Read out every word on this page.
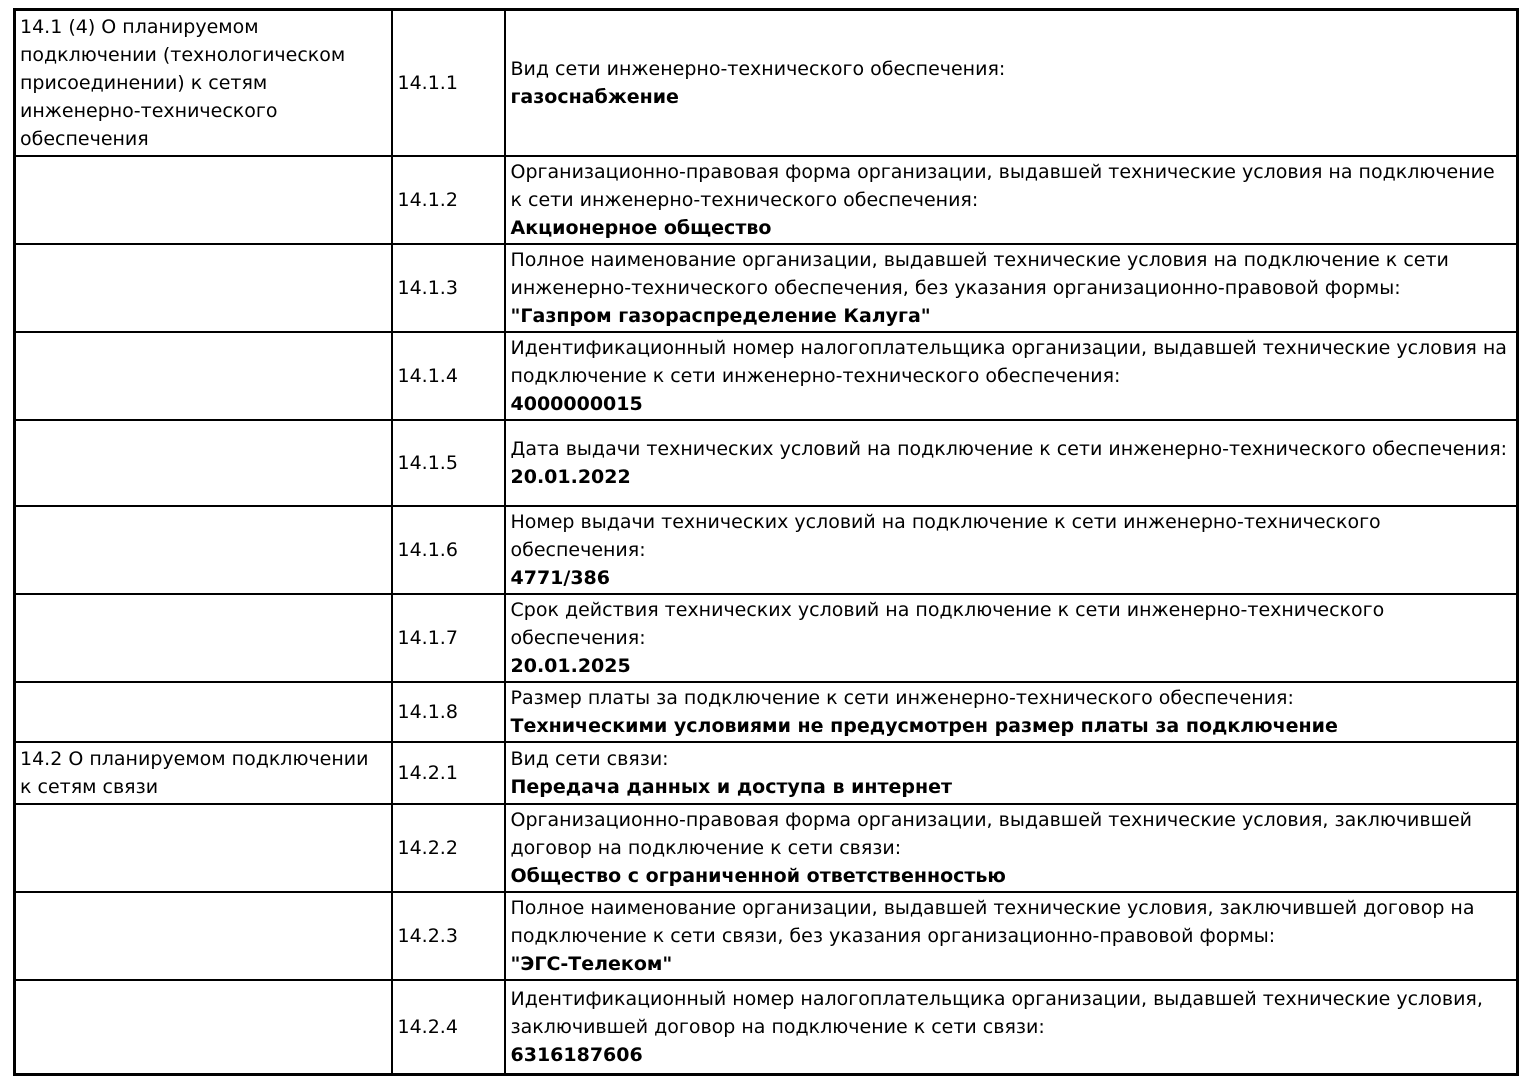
14.1 (4) О планируемом подключении (технологическом присоединении) к сетям инженерно-технического обеспечения	14.1.1	Вид сети инженерно-технического обеспечения:
газоснабжение

	14.1.2	Организационно-правовая форма организации, выдавшей технические условия на подключение к сети инженерно-технического обеспечения:
Акционерное общество

	14.1.3	Полное наименование организации, выдавшей технические условия на подключение к сети инженерно-технического обеспечения, без указания организационно-правовой формы:
"Газпром газораспределение Калуга"

	14.1.4	Идентификационный номер налогоплательщика организации, выдавшей технические условия на подключение к сети инженерно-технического обеспечения:
4000000015

	14.1.5	Дата выдачи технических условий на подключение к сети инженерно-технического обеспечения:
20.01.2022

	14.1.6	Номер выдачи технических условий на подключение к сети инженерно-технического обеспечения:
4771/386

	14.1.7	Срок действия технических условий на подключение к сети инженерно-технического обеспечения:
20.01.2025

	14.1.8	Размер платы за подключение к сети инженерно-технического обеспечения:
Техническими условиями не предусмотрен размер платы за подключение

14.2 О планируемом подключении к сетям связи	14.2.1	Вид сети связи:
Передача данных и доступа в интернет

	14.2.2	Организационно-правовая форма организации, выдавшей технические условия, заключившей договор на подключение к сети связи:
Общество с ограниченной ответственностью

	14.2.3	Полное наименование организации, выдавшей технические условия, заключившей договор на подключение к сети связи, без указания организационно-правовой формы:
"ЭГС-Телеком"

	14.2.4	Идентификационный номер налогоплательщика организации, выдавшей технические условия, заключившей договор на подключение к сети связи:
6316187606
